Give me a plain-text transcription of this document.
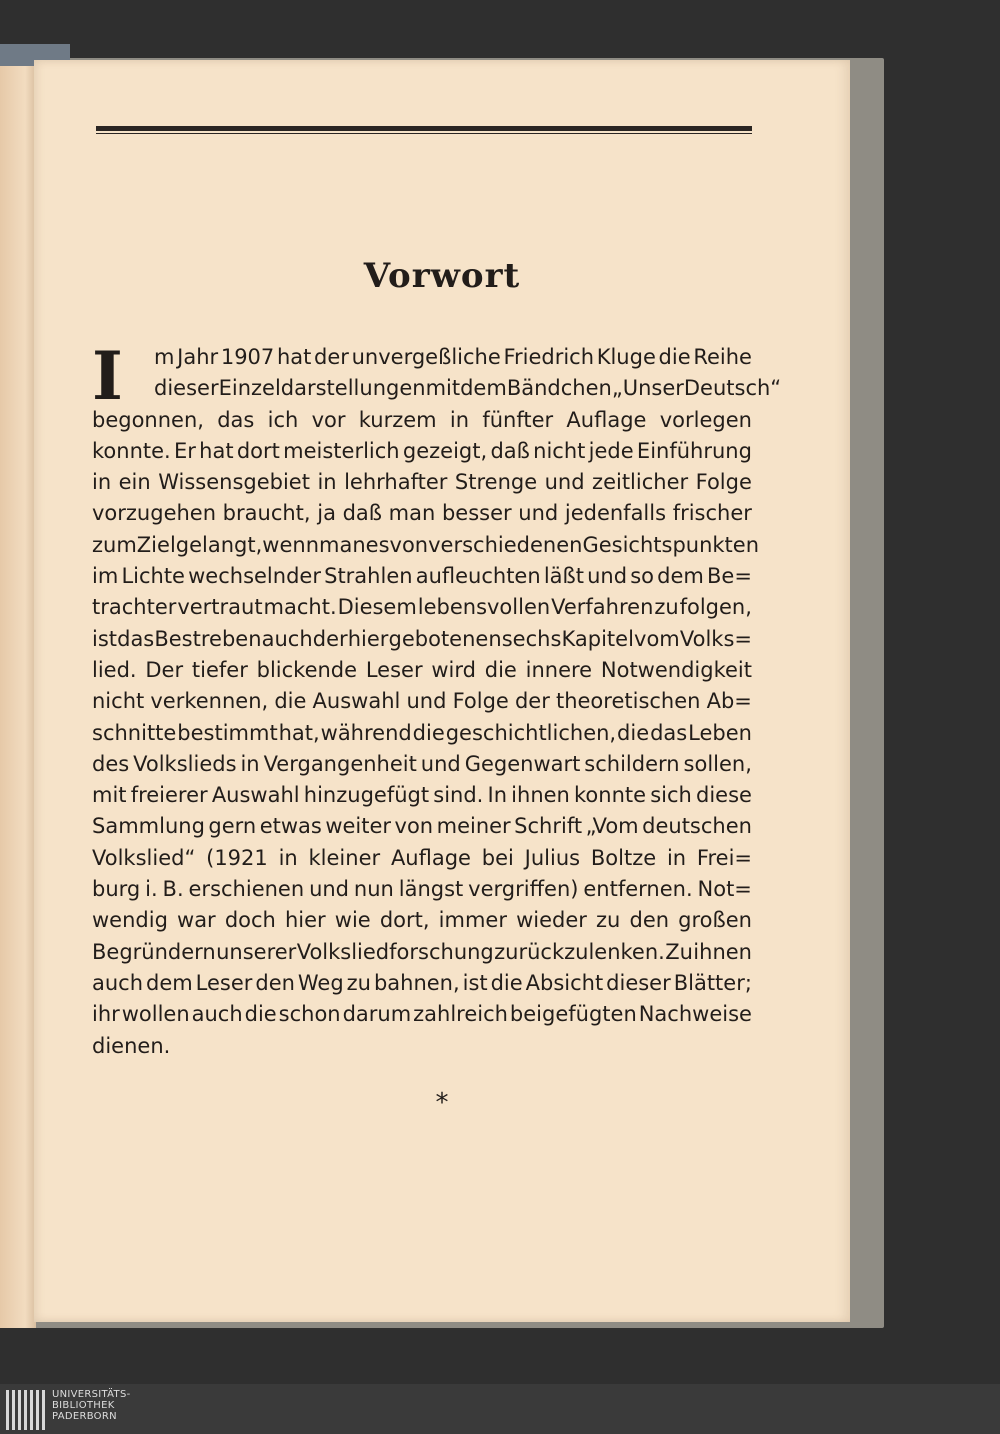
Vorwort
I m Jahr 1907 hat der unvergeßliche Friedrich Kluge die Reihe
dieser Einzeldarstellungen mit dem Bändchen „Unser Deutsch“
begonnen, das ich vor kurzem in fünfter Auflage vorlegen
konnte. Er hat dort meisterlich gezeigt, daß nicht jede Einführung
in ein Wissensgebiet in lehrhafter Strenge und zeitlicher Folge
vorzugehen braucht, ja daß man besser und jedenfalls frischer
zum Ziel gelangt, wenn man es von verschiedenen Gesichtspunkten
im Lichte wechselnder Strahlen aufleuchten läßt und so dem Be=
trachter vertraut macht. Diesem lebensvollen Verfahren zu folgen,
ist das Bestreben auch der hier gebotenen sechs Kapitel vom Volks=
lied. Der tiefer blickende Leser wird die innere Notwendigkeit
nicht verkennen, die Auswahl und Folge der theoretischen Ab=
schnitte bestimmt hat, während die geschichtlichen, die das Leben
des Volkslieds in Vergangenheit und Gegenwart schildern sollen,
mit freierer Auswahl hinzugefügt sind. In ihnen konnte sich diese
Sammlung gern etwas weiter von meiner Schrift „Vom deutschen
Volkslied“ (1921 in kleiner Auflage bei Julius Boltze in Frei=
burg i. B. erschienen und nun längst vergriffen) entfernen. Not=
wendig war doch hier wie dort, immer wieder zu den großen
Begründern unserer Volksliedforschung zurückzulenken. Zu ihnen
auch dem Leser den Weg zu bahnen, ist die Absicht dieser Blätter;
ihr wollen auch die schon darum zahlreich beigefügten Nachweise
dienen.
*
UNIVERSITÄTS-
BIBLIOTHEK
PADERBORN
